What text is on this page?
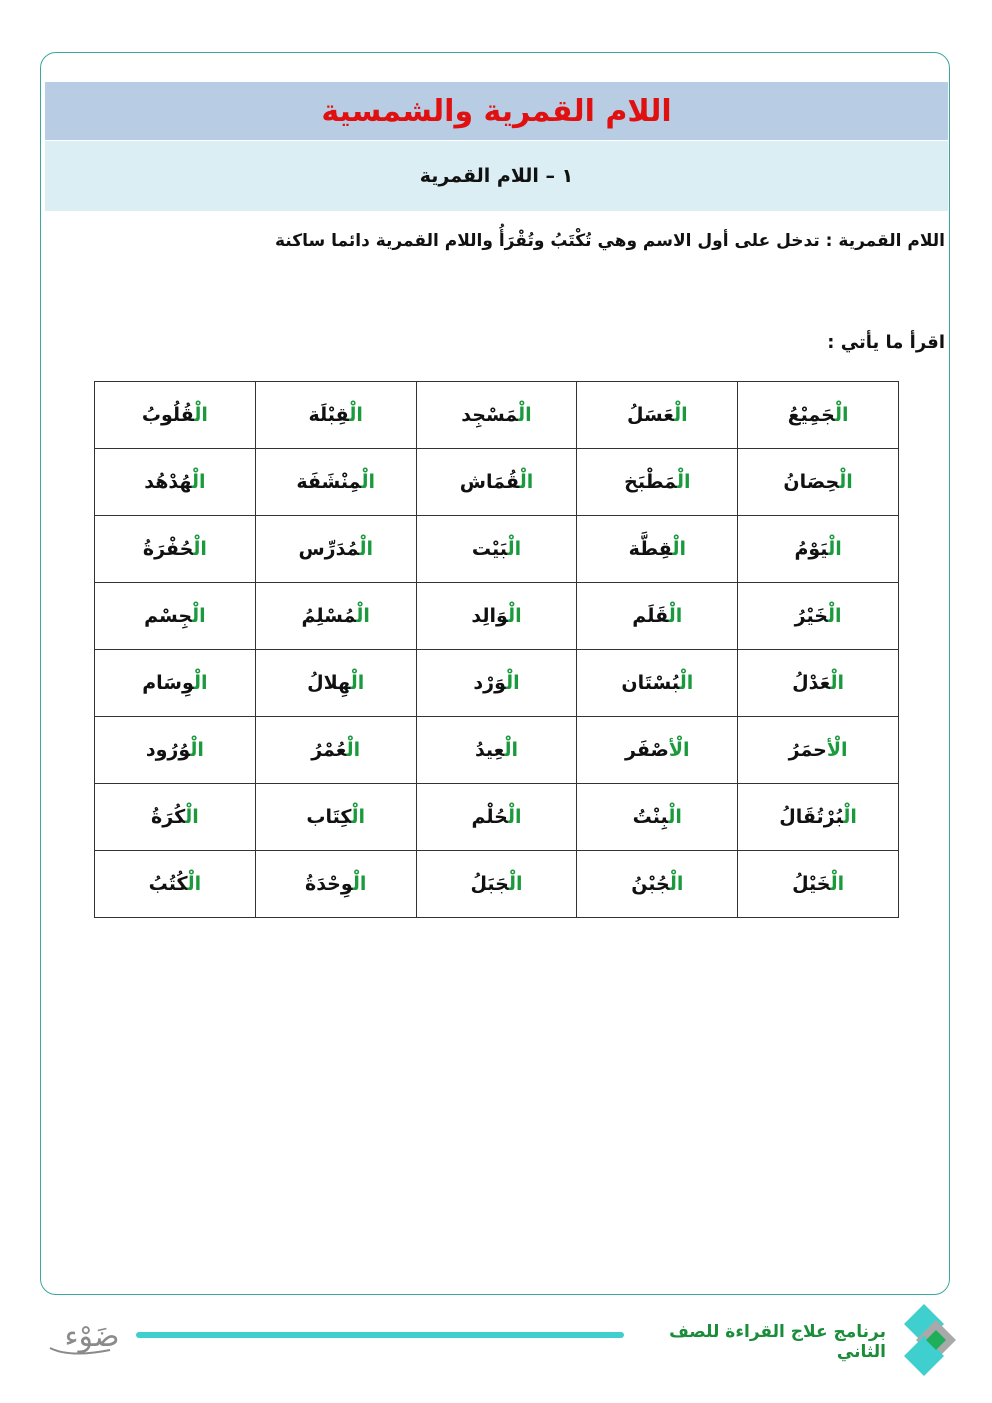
اللام القمرية والشمسية
١ – اللام القمرية
اللام القمرية : تدخل على أول الاسم وهي تُكْتَبُ وتُقْرَأُ واللام القمرية دائما ساكنة
اقرأ ما يأتي :
الْجَمِيْعُ	الْعَسَلُ	الْمَسْجِد	الْقِبْلَة	الْقُلُوبُ
الْحِصَانُ	الْمَطْبَخ	الْقُمَاش	الْمِنْشَفَة	الْهُدْهُد
الْيَوْمُ	الْقِطَّة	الْبَيْت	الْمُدَرِّس	الْحُفْرَةُ
الْخَيْرُ	الْقَلَم	الْوَالِد	الْمُسْلِمُ	الْجِسْم
الْعَدْلُ	الْبُسْتَان	الْوَرْد	الْهِلالُ	الْوِسَام
الْأحمَرُ	الْأصْفَر	الْعِيدُ	الْعُمْرُ	الْوُرُود
الْبُرْتُقَالُ	الْبِنْتُ	الْحُلْم	الْكِتَاب	الْكُرَةُ
الْخَيْلُ	الْجُبْنُ	الْجَبَلُ	الْوِحْدَةُ	الْكُتُبُ
برنامج علاج القراءة للصف الثاني
ضَوْء
